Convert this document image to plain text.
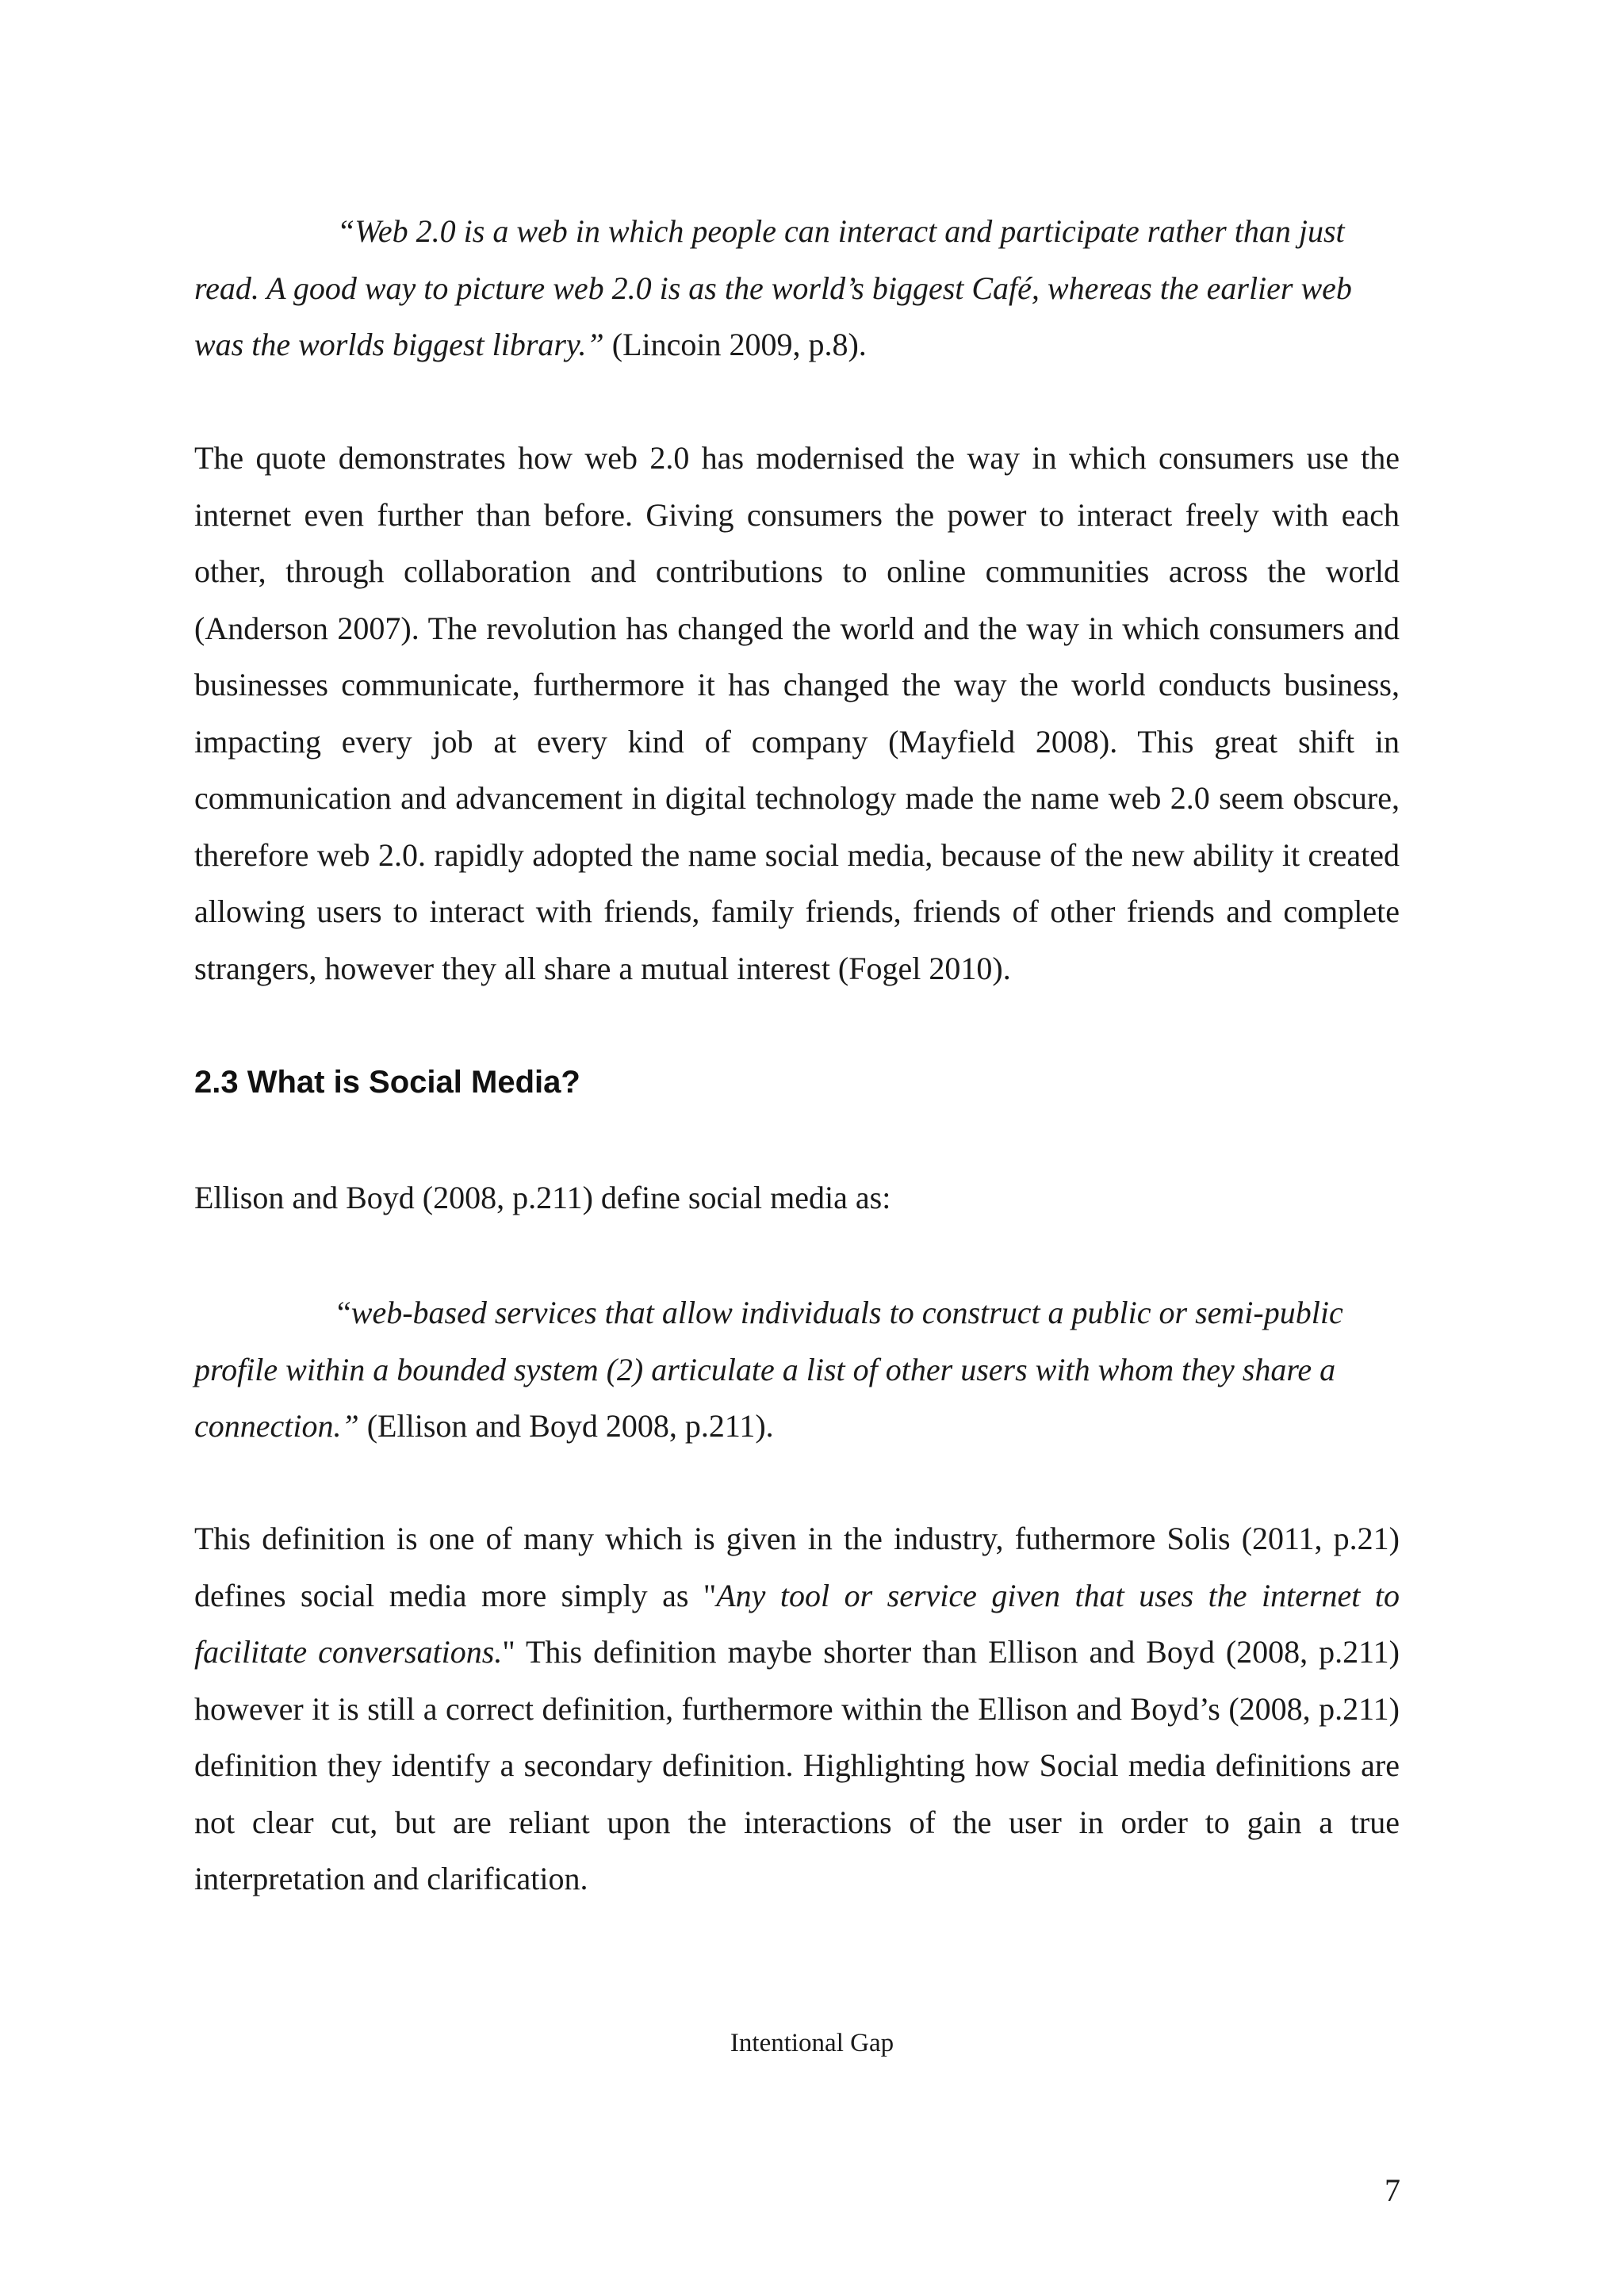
“Web 2.0 is a web in which people can interact and participate rather than just read. A good way to picture web 2.0 is as the world’s biggest Café, whereas the earlier web was the worlds biggest library.” (Lincoin 2009, p.8).

The quote demonstrates how web 2.0 has modernised the way in which consumers use the internet even further than before. Giving consumers the power to interact freely with each other, through collaboration and contributions to online communities across the world (Anderson 2007). The revolution has changed the world and the way in which consumers and businesses communicate, furthermore it has changed the way the world conducts business, impacting every job at every kind of company (Mayfield 2008). This great shift in communication and advancement in digital technology made the name web 2.0 seem obscure, therefore web 2.0. rapidly adopted the name social media, because of the new ability it created allowing users to interact with friends, family friends, friends of other friends and complete strangers, however they all share a mutual interest (Fogel 2010).

2.3 What is Social Media?

Ellison and Boyd (2008, p.211) define social media as:

“web-based services that allow individuals to construct a public or semi-public profile within a bounded system (2) articulate a list of other users with whom they share a connection.” (Ellison and Boyd 2008, p.211).

This definition is one of many which is given in the industry, futhermore Solis (2011, p.21) defines social media more simply as "Any tool or service given that uses the internet to facilitate conversations." This definition maybe shorter than Ellison and Boyd (2008, p.211) however it is still a correct definition, furthermore within the Ellison and Boyd’s (2008, p.211) definition they identify a secondary definition. Highlighting how Social media definitions are not clear cut, but are reliant upon the interactions of the user in order to gain a true interpretation and clarification.

Intentional Gap

7
